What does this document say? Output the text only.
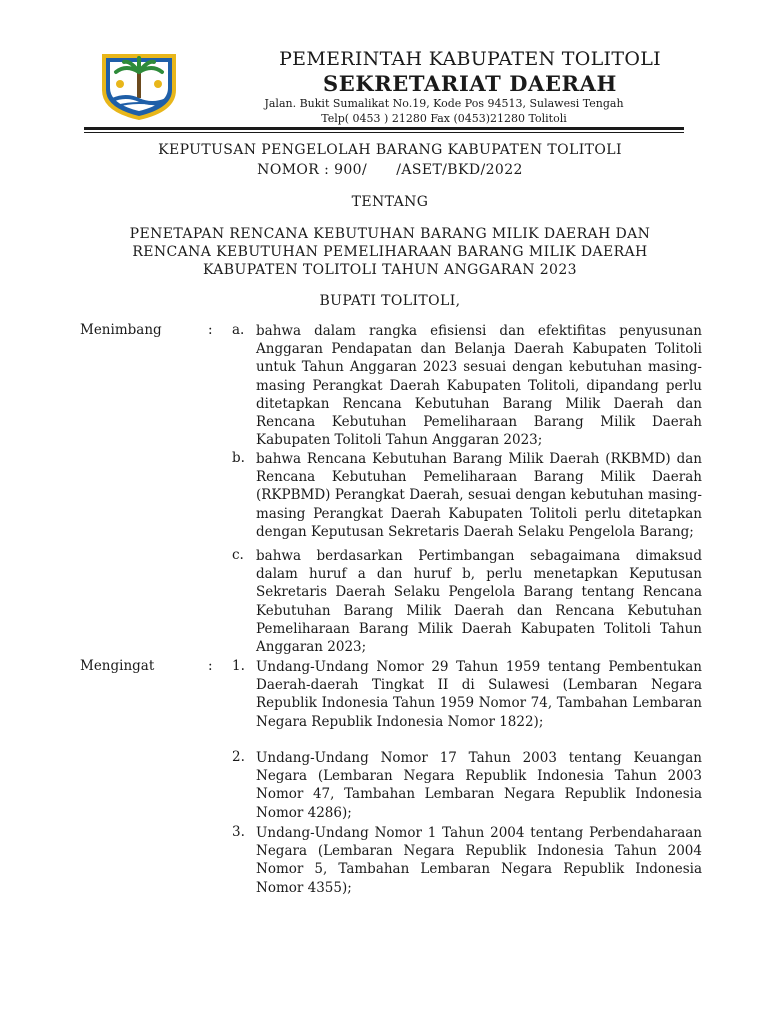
PEMERINTAH KABUPATEN TOLITOLI
SEKRETARIAT DAERAH
Jalan. Bukit Sumalikat No.19, Kode Pos 94513, Sulawesi Tengah
Telp( 0453 ) 21280 Fax (0453)21280 Tolitoli
KEPUTUSAN PENGELOLAH BARANG KABUPATEN TOLITOLI
NOMOR : 900/      /ASET/BKD/2022
TENTANG
PENETAPAN RENCANA KEBUTUHAN BARANG MILIK DAERAH DAN
RENCANA KEBUTUHAN PEMELIHARAAN BARANG MILIK DAERAH
KABUPATEN TOLITOLI TAHUN ANGGARAN 2023
BUPATI TOLITOLI,
Menimbang	: a. bahwa dalam rangka efisiensi dan efektifitas penyusunan Anggaran Pendapatan dan Belanja Daerah Kabupaten Tolitoli untuk Tahun Anggaran 2023 sesuai dengan kebutuhan masing-masing Perangkat Daerah Kabupaten Tolitoli, dipandang perlu ditetapkan Rencana Kebutuhan Barang Milik Daerah dan Rencana Kebutuhan Pemeliharaan Barang Milik Daerah Kabupaten Tolitoli Tahun Anggaran 2023;
b. bahwa Rencana Kebutuhan Barang Milik Daerah (RKBMD) dan Rencana Kebutuhan Pemeliharaan Barang Milik Daerah (RKPBMD) Perangkat Daerah, sesuai dengan kebutuhan masing-masing Perangkat Daerah Kabupaten Tolitoli perlu ditetapkan dengan Keputusan Sekretaris Daerah Selaku Pengelola Barang;
c. bahwa berdasarkan Pertimbangan sebagaimana dimaksud dalam huruf a dan huruf b, perlu menetapkan Keputusan Sekretaris Daerah Selaku Pengelola Barang tentang Rencana Kebutuhan Barang Milik Daerah dan Rencana Kebutuhan Pemeliharaan Barang Milik Daerah Kabupaten Tolitoli Tahun Anggaran 2023;
Mengingat	: 1. Undang-Undang Nomor 29 Tahun 1959 tentang Pembentukan Daerah-daerah Tingkat II di Sulawesi (Lembaran Negara Republik Indonesia Tahun 1959 Nomor 74, Tambahan Lembaran Negara Republik Indonesia Nomor 1822);
2. Undang-Undang Nomor 17 Tahun 2003 tentang Keuangan Negara (Lembaran Negara Republik Indonesia Tahun 2003 Nomor 47, Tambahan Lembaran Negara Republik Indonesia Nomor 4286);
3. Undang-Undang Nomor 1 Tahun 2004 tentang Perbendaharaan Negara (Lembaran Negara Republik Indonesia Tahun 2004 Nomor 5, Tambahan Lembaran Negara Republik Indonesia Nomor 4355);
